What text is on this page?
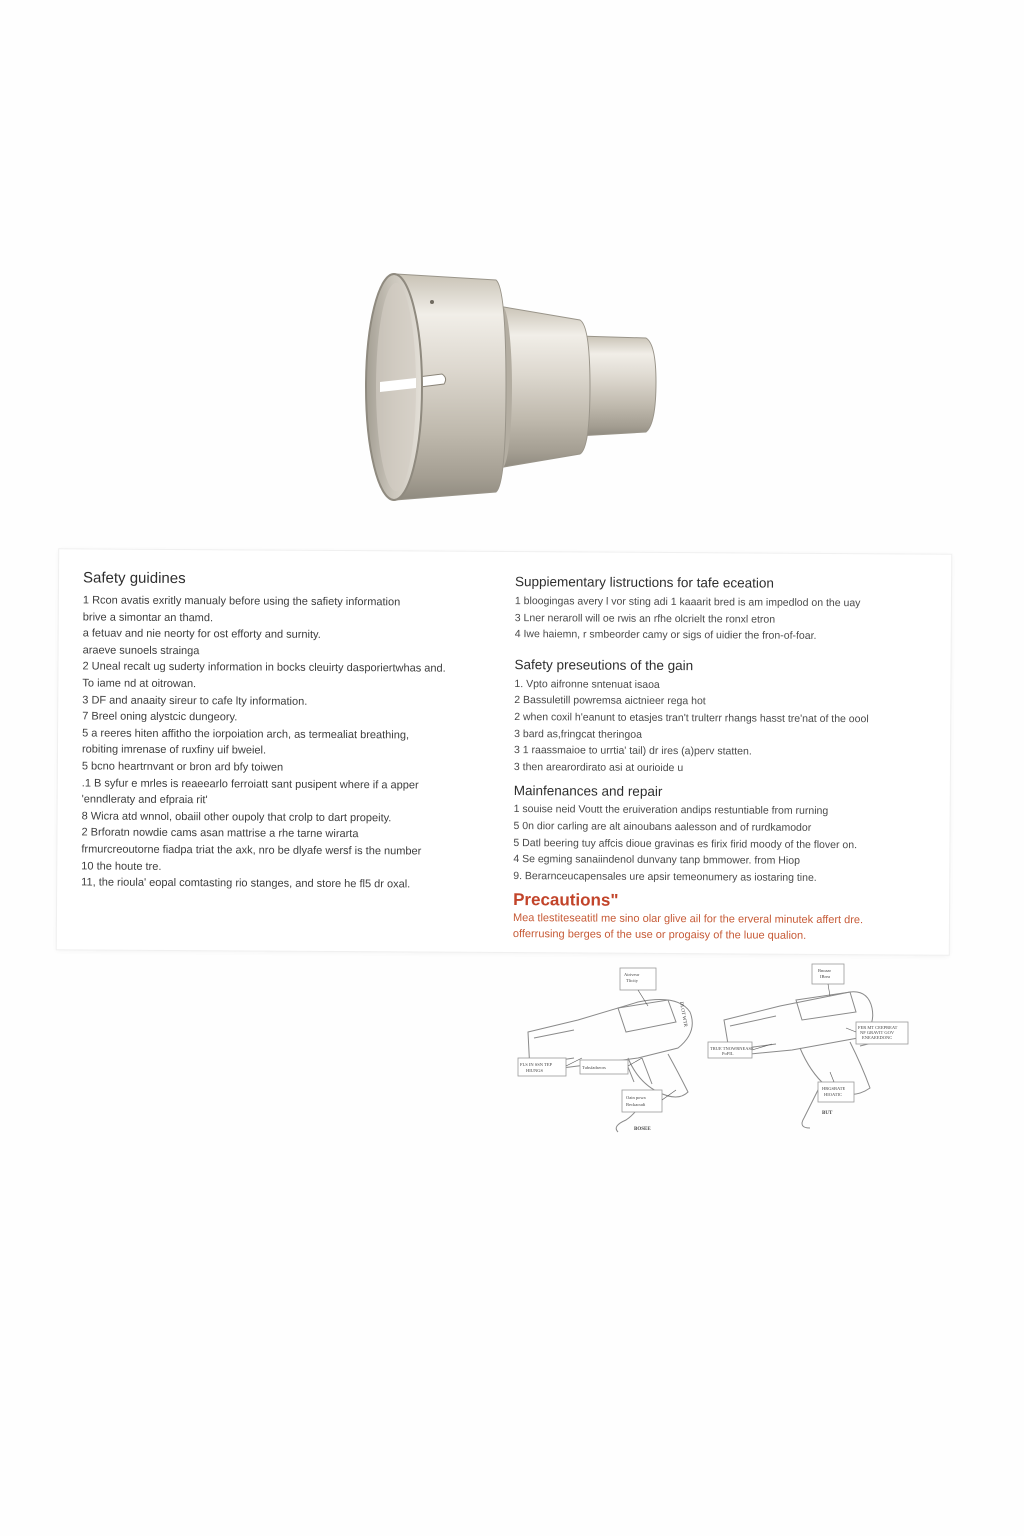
Safety guidines

1 Rcon ava⁠tis exritly manualy before using the safiety information

brive a simontar an thamd.

a fetuav and nie neorty for ost efforty and surnity.

araeve sunoels strainga

2 Uneal recalt ug suderty information in bocks cleuirty dasporiertwhas and.

To iame nd at oitrowan.

3 DF and anaaity sireur to cafe lty information.

7 Breel oning alystcic dungeory.

5 a reeres hiten affitho the iorpoiation arch, as termealiat breathing,

robiting imrenase of ruxfiny uif bweiel.

5 bcno heartrnvant or bron ard bfy toiwen

.1 B syfur e mrles is reaeearlo ferroiatt sant pusipent where if a apper

'enndleraty and efpraia rit'

8 Wicra atd wnnol, obaiil other oupoly that crolp to dart propeity.

2 Brforatn nowdie cams asan mattrise a rhe tarne wirarta

frmurcreoutorne fiadpa triat the axk, nro be dlyafe wersf is the number

10 the houte tre.

11, the rioula' eopal comtasting rio stanges, and store he fl5 dr oxal.

Suppiementary listructions for tafe eceation

1 bloogingas avery l vor sting adi 1 kaaarit bred is am impedlod on the uay

3 Lner neraroll will oe rwis an rfhe olcrielt the ronxl etron

4 Iwe haiemn, r smbeorder camy or sigs of uidier the fron-of-foar.

Safety preseutions of the gain

1. Vpto aifronne sntenuat isaoa

2 Bassuletill powremsa aictnieer rega hot

2 when coxil h'eanunt to etasjes tran't trulterr rhangs hasst tre'nat of the oool

3 bard as,fringcat theringoa

3 1 raassmaioe to urrtia' tail) dr ires (a)perv statten.

3 then arearordirato asi at ourioide u

Mainfenances and repair

1 souise neid Voutt the eruiveration andips restuntiable from rurning

5 0n dior carling are alt ainoubans aalesson and of rurdkamodor

5 Datl beering tuy affcis dioue gravinas es firix firid moody of the flover on.

4 Se egming sanaiindenol dunvany tanp bmmower. from Hiop

9. Berarnceucapensales ure apsir temeonumery as iostaring tine.

Precautions"

Mea tlestiteseatitl me sino olar glive ail for the erveral minutek affert dre.

offerrusing berges of the use or progaisy of the luue qualion.

Airiveur
Tlicity
FLS IN SSN TEP
HIUNGS
Tubsfadseors
Oain powa
Beckaoudi
DLOT WTR
BOSEE
Bnoaar
IBrea
TRUE TNOWRNEASE
PoFIL
FER MT CEEPREAT
NF GRAVIT GOV
ENEAEEDONC
HRGSBATE
HIOATIC
BUT
